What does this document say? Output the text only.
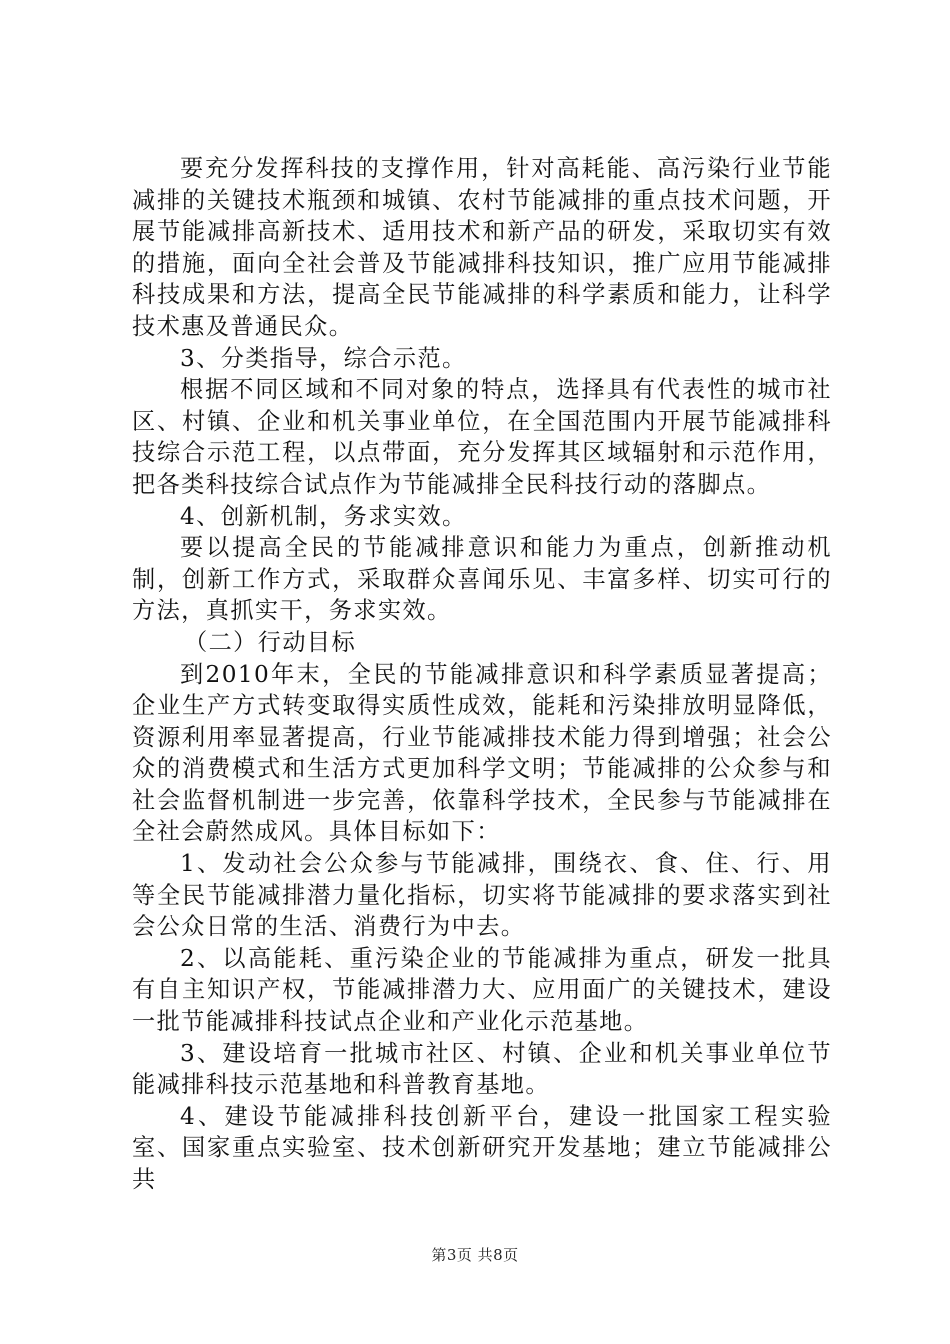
要充分发挥科技的支撑作用，针对高耗能、高污染行业节能减排的关键技术瓶颈和城镇、农村节能减排的重点技术问题，开展节能减排高新技术、适用技术和新产品的研发，采取切实有效的措施，面向全社会普及节能减排科技知识，推广应用节能减排科技成果和方法，提高全民节能减排的科学素质和能力，让科学技术惠及普通民众。

3、分类指导，综合示范。

根据不同区域和不同对象的特点，选择具有代表性的城市社区、村镇、企业和机关事业单位，在全国范围内开展节能减排科技综合示范工程，以点带面，充分发挥其区域辐射和示范作用，把各类科技综合试点作为节能减排全民科技行动的落脚点。

4、创新机制，务求实效。

要以提高全民的节能减排意识和能力为重点，创新推动机制，创新工作方式，采取群众喜闻乐见、丰富多样、切实可行的方法，真抓实干，务求实效。

（二）行动目标

到2010年末，全民的节能减排意识和科学素质显著提高；企业生产方式转变取得实质性成效，能耗和污染排放明显降低，资源利用率显著提高，行业节能减排技术能力得到增强；社会公众的消费模式和生活方式更加科学文明；节能减排的公众参与和社会监督机制进一步完善，依靠科学技术，全民参与节能减排在全社会蔚然成风。具体目标如下：

1、发动社会公众参与节能减排，围绕衣、食、住、行、用等全民节能减排潜力量化指标，切实将节能减排的要求落实到社会公众日常的生活、消费行为中去。

2、以高能耗、重污染企业的节能减排为重点，研发一批具有自主知识产权，节能减排潜力大、应用面广的关键技术，建设一批节能减排科技试点企业和产业化示范基地。

3、建设培育一批城市社区、村镇、企业和机关事业单位节能减排科技示范基地和科普教育基地。

4、建设节能减排科技创新平台，建设一批国家工程实验室、国家重点实验室、技术创新研究开发基地；建立节能减排公共

第3页 共8页
